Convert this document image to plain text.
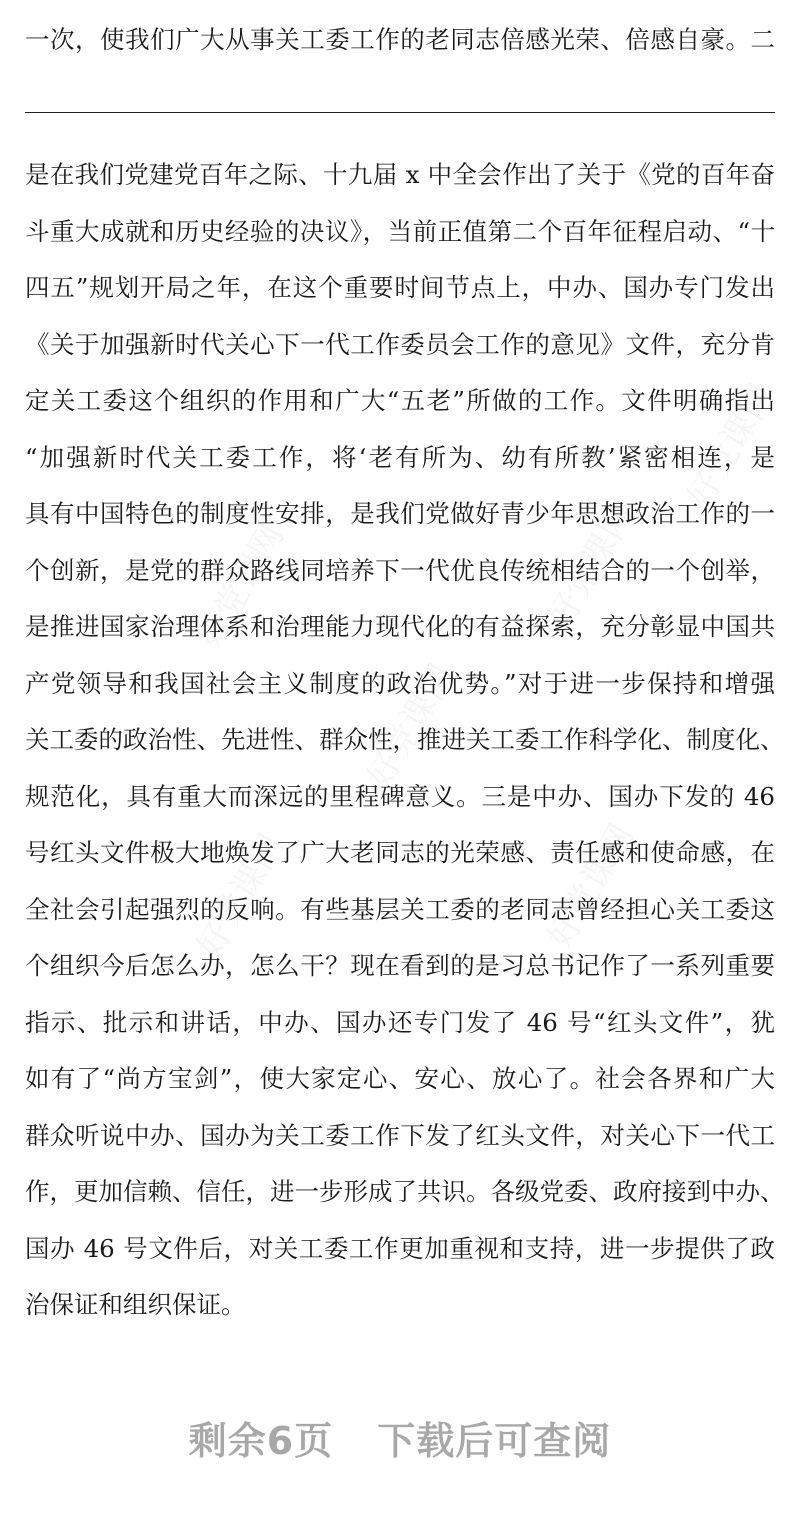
一次，使我们广大从事关工委工作的老同志倍感光荣、倍感自豪。二
是在我们党建党百年之际、十九届 x 中全会作出了关于《党的百年奋
斗重大成就和历史经验的决议》，当前正值第二个百年征程启动、“十
四五”规划开局之年，在这个重要时间节点上，中办、国办专门发出
《关于加强新时代关心下一代工作委员会工作的意见》文件，充分肯
定关工委这个组织的作用和广大“五老”所做的工作。文件明确指出
“加强新时代关工委工作，将‘老有所为、幼有所教’紧密相连，是
具有中国特色的制度性安排，是我们党做好青少年思想政治工作的一
个创新，是党的群众路线同培养下一代优良传统相结合的一个创举，
是推进国家治理体系和治理能力现代化的有益探索，充分彰显中国共
产党领导和我国社会主义制度的政治优势。”对于进一步保持和增强
关工委的政治性、先进性、群众性，推进关工委工作科学化、制度化、
规范化，具有重大而深远的里程碑意义。三是中办、国办下发的 46
号红头文件极大地焕发了广大老同志的光荣感、责任感和使命感，在
全社会引起强烈的反响。有些基层关工委的老同志曾经担心关工委这
个组织今后怎么办，怎么干？现在看到的是习总书记作了一系列重要
指示、批示和讲话，中办、国办还专门发了 46 号“红头文件”，犹
如有了“尚方宝剑”，使大家定心、安心、放心了。社会各界和广大
群众听说中办、国办为关工委工作下发了红头文件，对关心下一代工
作，更加信赖、信任，进一步形成了共识。各级党委、政府接到中办、
国办 46 号文件后，对关工委工作更加重视和支持，进一步提供了政
治保证和组织保证。
剩余6页 下载后可查阅
